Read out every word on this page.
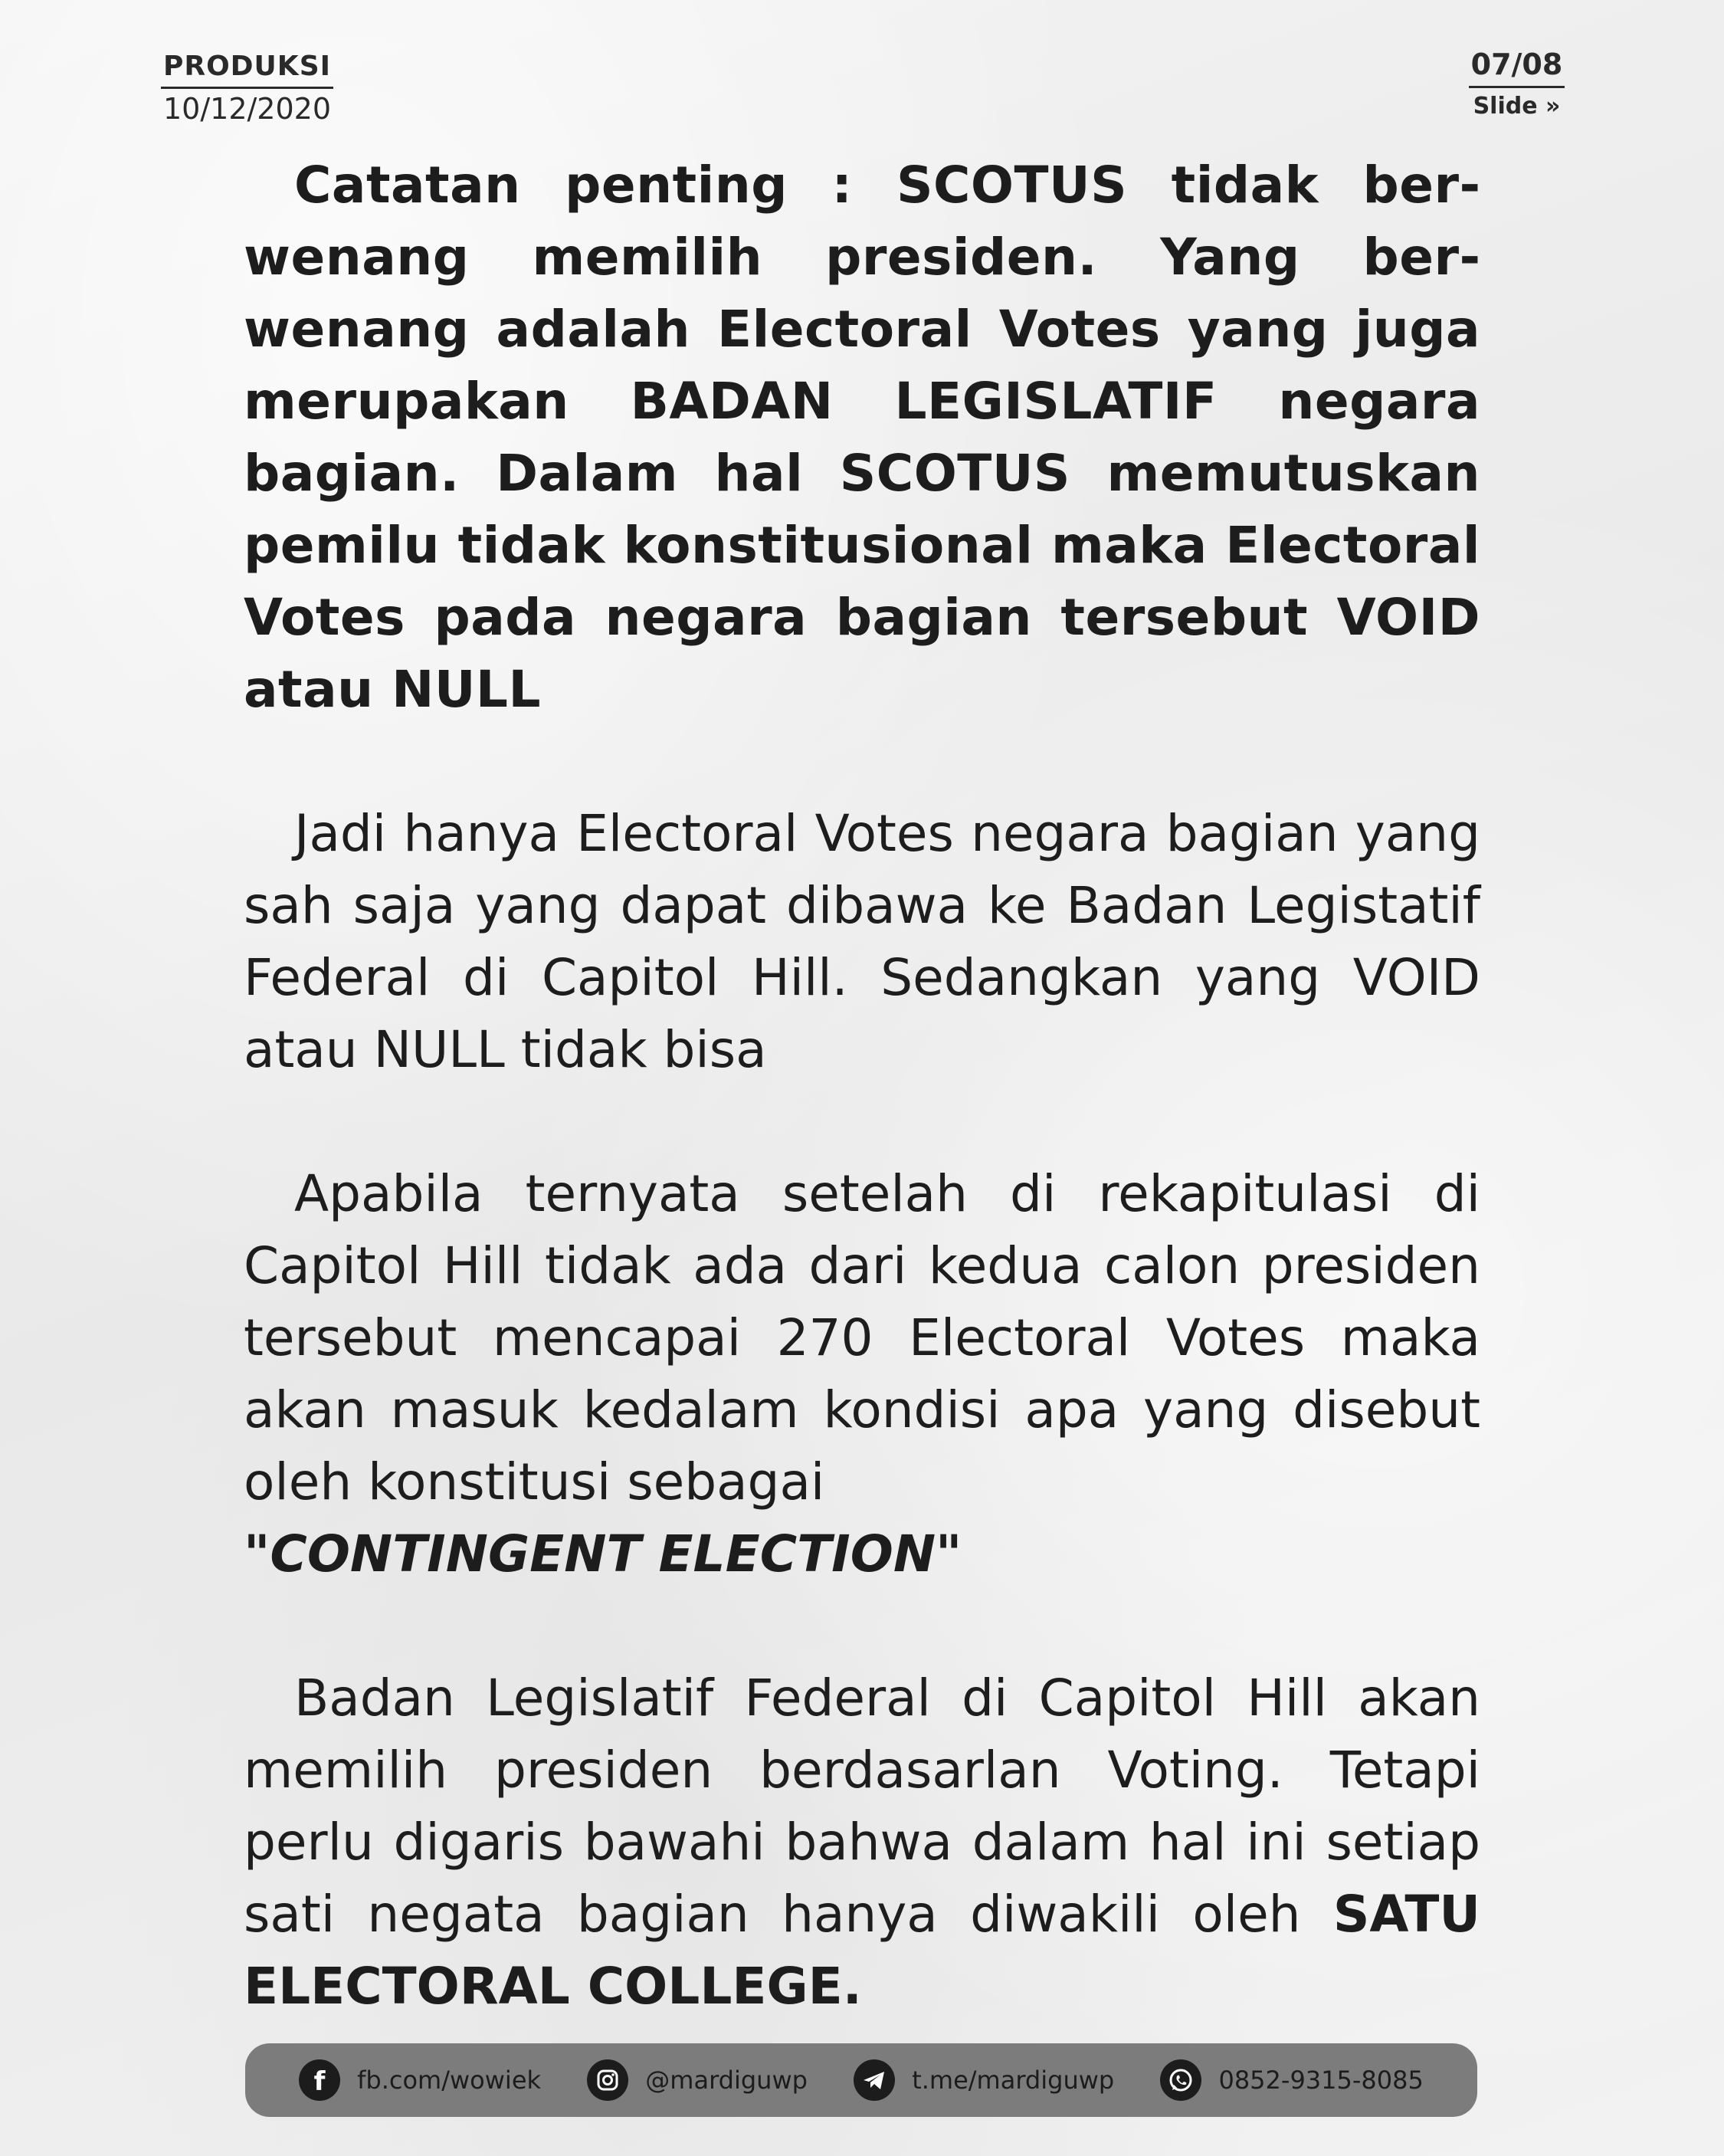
PRODUKSI
10/12/2020
07/08
Slide »

Catatan penting : SCOTUS tidak berwenang memilih presiden. Yang berwenang adalah Electoral Votes yang juga merupakan BADAN LEGISLATIF negara bagian. Dalam hal SCOTUS memutuskan pemilu tidak konstitusional maka Electoral Votes pada negara bagian tersebut VOID atau NULL

Jadi hanya Electoral Votes negara bagian yang sah saja yang dapat dibawa ke Badan Legistatif Federal di Capitol Hill. Sedangkan yang VOID atau NULL tidak bisa

Apabila ternyata setelah di rekapitulasi di Capitol Hill tidak ada dari kedua calon presiden tersebut mencapai 270 Electoral Votes maka akan masuk kedalam kondisi apa yang disebut oleh konstitusi sebagai
"CONTINGENT ELECTION"

Badan Legislatif Federal di Capitol Hill akan memilih presiden berdasarlan Voting. Tetapi perlu digaris bawahi bahwa dalam hal ini setiap sati negata bagian hanya diwakili oleh SATU ELECTORAL COLLEGE.

f fb.com/wowiek	@mardiguwp	t.me/mardiguwp	0852-9315-8085
